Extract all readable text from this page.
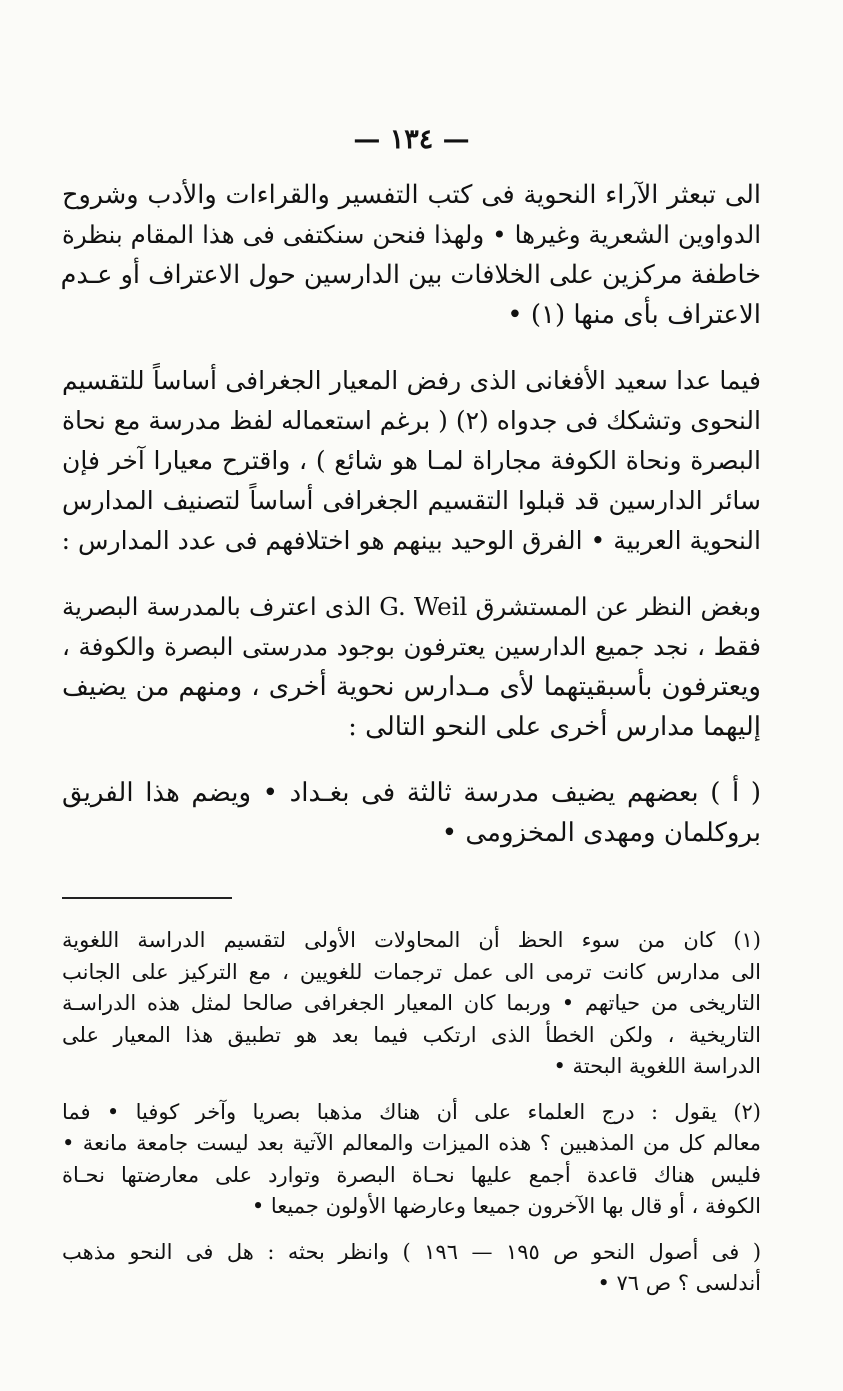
— ١٣٤ —
الى تبعثر الآراء النحوية فى كتب التفسير والقراءات والأدب وشروح
الدواوين الشعرية وغيرها • ولهذا فنحن سنكتفى فى هذا المقام بنظرة
خاطفة مركزين على الخلافات بين الدارسين حول الاعتراف أو عـدم
الاعتراف بأى منها (١) •
فيما عدا سعيد الأفغانى الذى رفض المعيار الجغرافى أساساً للتقسيم
النحوى وتشكك فى جدواه (٢) ( برغم استعماله لفظ مدرسة مع نحاة
البصرة ونحاة الكوفة مجاراة لمـا هو شائع ) ، واقترح معيارا آخر فإن
سائر الدارسين قد قبلوا التقسيم الجغرافى أساساً لتصنيف المدارس
النحوية العربية • الفرق الوحيد بينهم هو اختلافهم فى عدد المدارس :
وبغض النظر عن المستشرق G. Weil الذى اعترف بالمدرسة البصرية
فقط ، نجد جميع الدارسين يعترفون بوجود مدرستى البصرة والكوفة ،
ويعترفون بأسبقيتهما لأى مـدارس نحوية أخرى ، ومنهم من يضيف
إليهما مدارس أخرى على النحو التالى :
( أ ) بعضهم يضيف مدرسة ثالثة فى بغـداد • ويضم هذا الفريق
بروكلمان ومهدى المخزومى •
(١) كان من سوء الحظ أن المحاولات الأولى لتقسيم الدراسة اللغوية
الى مدارس كانت ترمى الى عمل ترجمات للغويين ، مع التركيز على الجانب
التاريخى من حياتهم • وربما كان المعيار الجغرافى صالحا لمثل هذه الدراسـة
التاريخية ، ولكن الخطأ الذى ارتكب فيما بعد هو تطبيق هذا المعيار على
الدراسة اللغوية البحتة •
(٢) يقول : درج العلماء على أن هناك مذهبا بصريا وآخر كوفيا • فما
معالم كل من المذهبين ؟ هذه الميزات والمعالم الآتية بعد ليست جامعة مانعة •
فليس هناك قاعدة أجمع عليها نحـاة البصرة وتوارد على معارضتها نحـاة
الكوفة ، أو قال بها الآخرون جميعا وعارضها الأولون جميعا •
( فى أصول النحو ص ١٩٥ — ١٩٦ ) وانظر بحثه : هل فى النحو مذهب
أندلسى ؟ ص ٧٦ •
